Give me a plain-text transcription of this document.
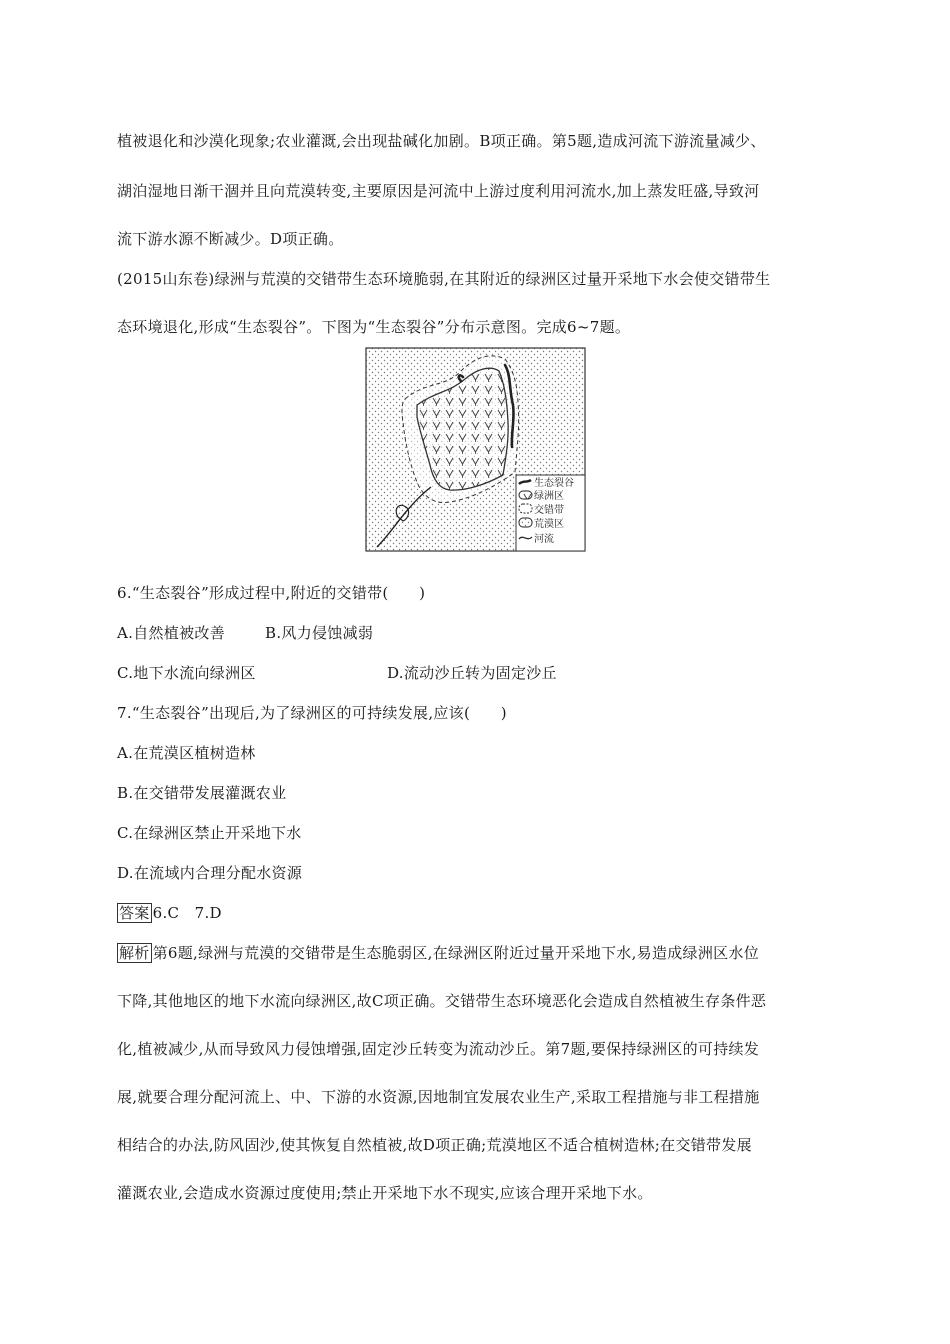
植被退化和沙漠化现象;农业灌溉,会出现盐碱化加剧。B项正确。第5题,造成河流下游流量减少、
湖泊湿地日渐干涸并且向荒漠转变,主要原因是河流中上游过度利用河流水,加上蒸发旺盛,导致河
流下游水源不断减少。D项正确。
(2015山东卷)绿洲与荒漠的交错带生态环境脆弱,在其附近的绿洲区过量开采地下水会使交错带生
态环境退化,形成“生态裂谷”。下图为“生态裂谷”分布示意图。完成6~7题。
生态裂谷
绿洲区
交错带
荒漠区
河流
6.“生态裂谷”形成过程中,附近的交错带(　　)
A.自然植被改善	B.风力侵蚀减弱
C.地下水流向绿洲区	D.流动沙丘转为固定沙丘
7.“生态裂谷”出现后,为了绿洲区的可持续发展,应该(　　)
A.在荒漠区植树造林
B.在交错带发展灌溉农业
C.在绿洲区禁止开采地下水
D.在流域内合理分配水资源
答案 6.C　7.D
解析 第6题,绿洲与荒漠的交错带是生态脆弱区,在绿洲区附近过量开采地下水,易造成绿洲区水位
下降,其他地区的地下水流向绿洲区,故C项正确。交错带生态环境恶化会造成自然植被生存条件恶
化,植被减少,从而导致风力侵蚀增强,固定沙丘转变为流动沙丘。第7题,要保持绿洲区的可持续发
展,就要合理分配河流上、中、下游的水资源,因地制宜发展农业生产,采取工程措施与非工程措施
相结合的办法,防风固沙,使其恢复自然植被,故D项正确;荒漠地区不适合植树造林;在交错带发展
灌溉农业,会造成水资源过度使用;禁止开采地下水不现实,应该合理开采地下水。
